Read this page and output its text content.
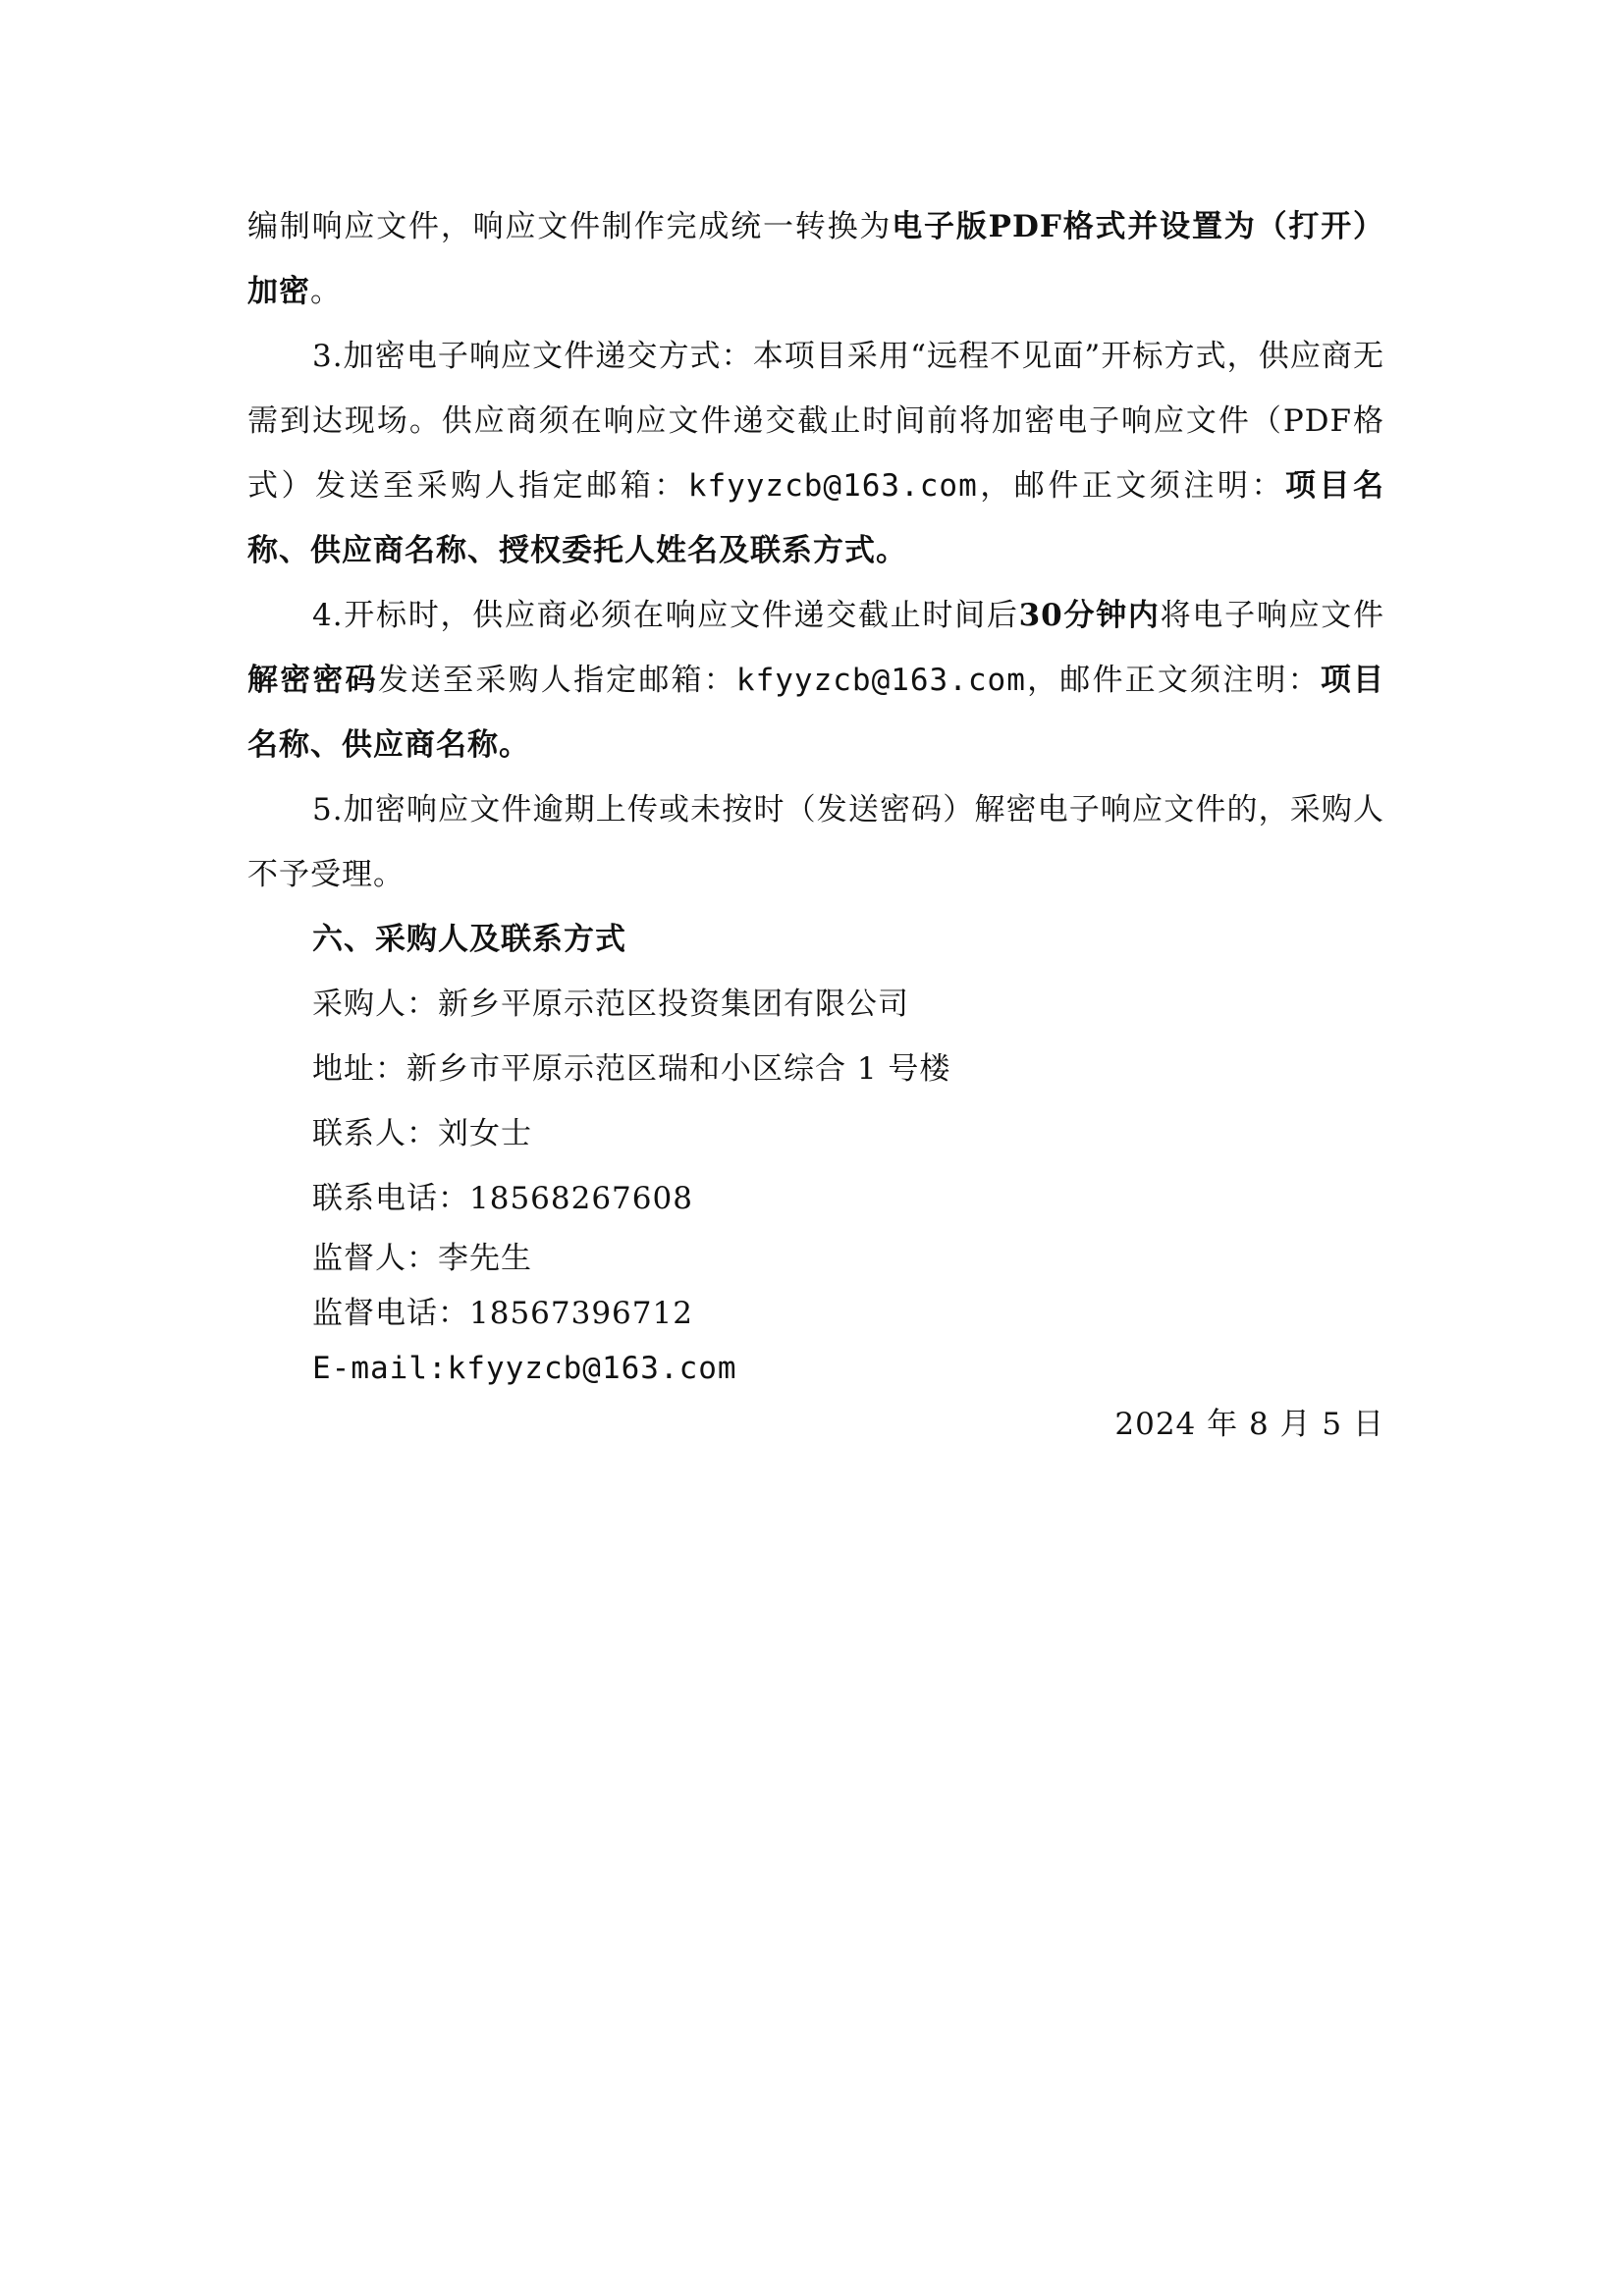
编制响应文件，响应文件制作完成统一转换为电子版PDF格式并设置为（打开）加密。

3.加密电子响应文件递交方式：本项目采用“远程不见面”开标方式，供应商无需到达现场。供应商须在响应文件递交截止时间前将加密电子响应文件（PDF格式）发送至采购人指定邮箱：kfyyzcb@163.com，邮件正文须注明：项目名称、供应商名称、授权委托人姓名及联系方式。

4.开标时，供应商必须在响应文件递交截止时间后30分钟内将电子响应文件解密密码发送至采购人指定邮箱：kfyyzcb@163.com，邮件正文须注明：项目名称、供应商名称。

5.加密响应文件逾期上传或未按时（发送密码）解密电子响应文件的，采购人不予受理。

六、采购人及联系方式

采购人：新乡平原示范区投资集团有限公司

地址：新乡市平原示范区瑞和小区综合 1 号楼

联系人：刘女士

联系电话：18568267608

监督人：李先生

监督电话：18567396712

E-mail:kfyyzcb@163.com

2024 年 8 月 5 日
